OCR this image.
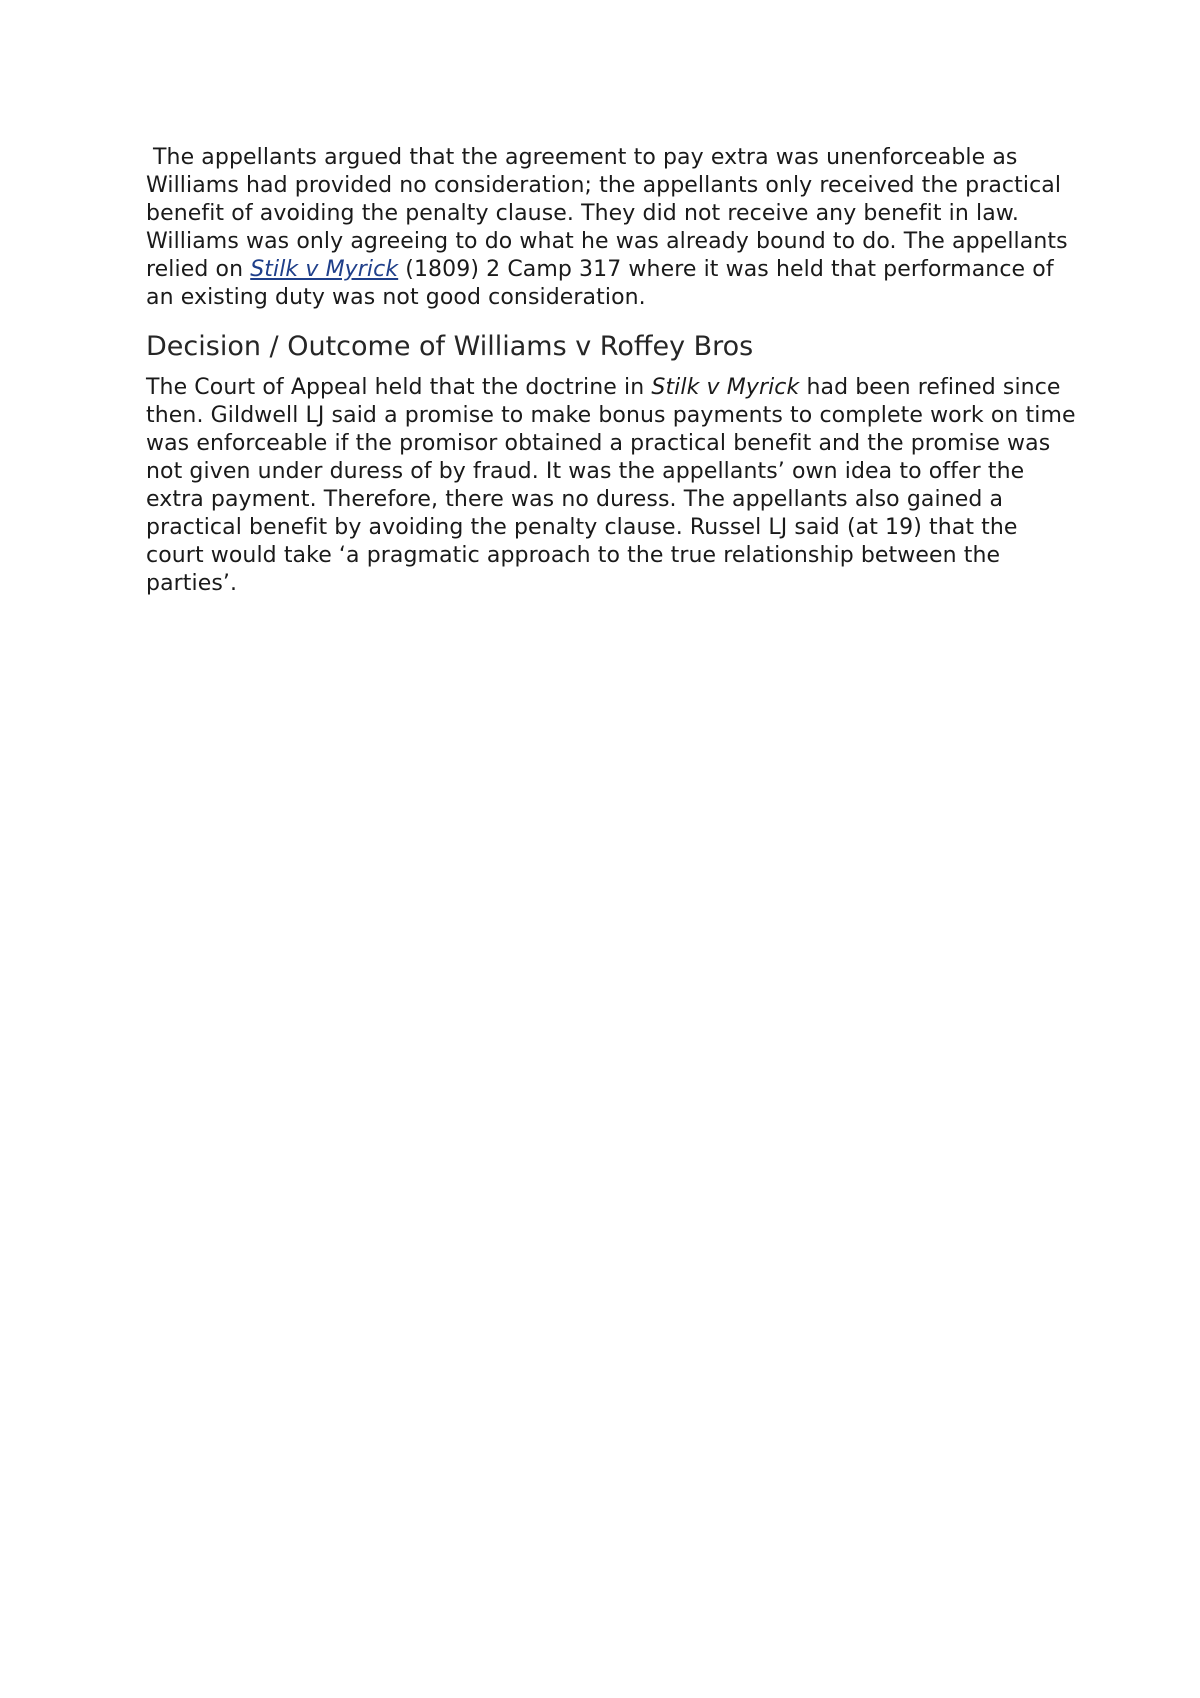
The appellants argued that the agreement to pay extra was unenforceable as Williams had provided no consideration; the appellants only received the practical benefit of avoiding the penalty clause. They did not receive any benefit in law. Williams was only agreeing to do what he was already bound to do. The appellants relied on Stilk v Myrick (1809) 2 Camp 317 where it was held that performance of an existing duty was not good consideration.

Decision / Outcome of Williams v Roffey Bros

The Court of Appeal held that the doctrine in Stilk v Myrick had been refined since then. Gildwell LJ said a promise to make bonus payments to complete work on time was enforceable if the promisor obtained a practical benefit and the promise was not given under duress of by fraud. It was the appellants’ own idea to offer the extra payment. Therefore, there was no duress. The appellants also gained a practical benefit by avoiding the penalty clause. Russel LJ said (at 19) that the court would take ‘a pragmatic approach to the true relationship between the parties’.
